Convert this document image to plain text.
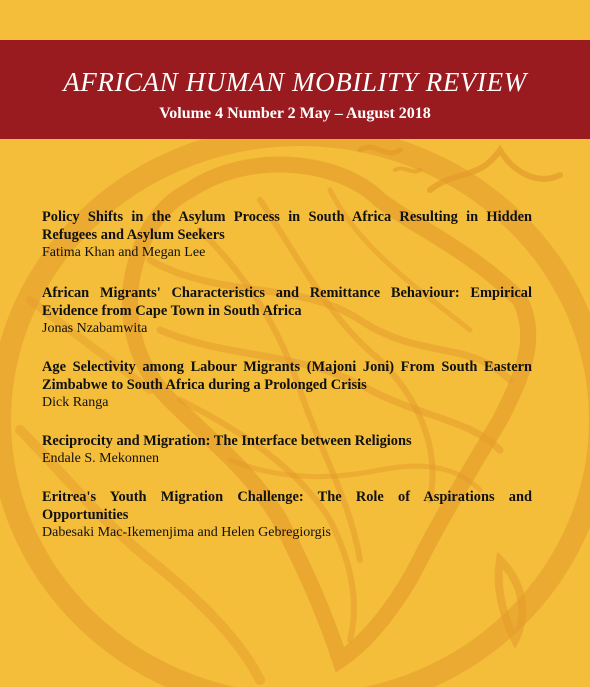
AFRICAN HUMAN MOBILITY REVIEW

Volume 4 Number 2 May – August 2018

Policy Shifts in the Asylum Process in South Africa Resulting in Hidden Refugees and Asylum Seekers

Fatima Khan and Megan Lee

African Migrants' Characteristics and Remittance Behaviour: Empirical Evidence from Cape Town in South Africa

Jonas Nzabamwita

Age Selectivity among Labour Migrants (Majoni Joni) From South Eastern Zimbabwe to South Africa during a Prolonged Crisis

Dick Ranga

Reciprocity and Migration: The Interface between Religions

Endale S. Mekonnen

Eritrea's Youth Migration Challenge: The Role of Aspirations and Opportunities

Dabesaki Mac-Ikemenjima and Helen Gebregiorgis
